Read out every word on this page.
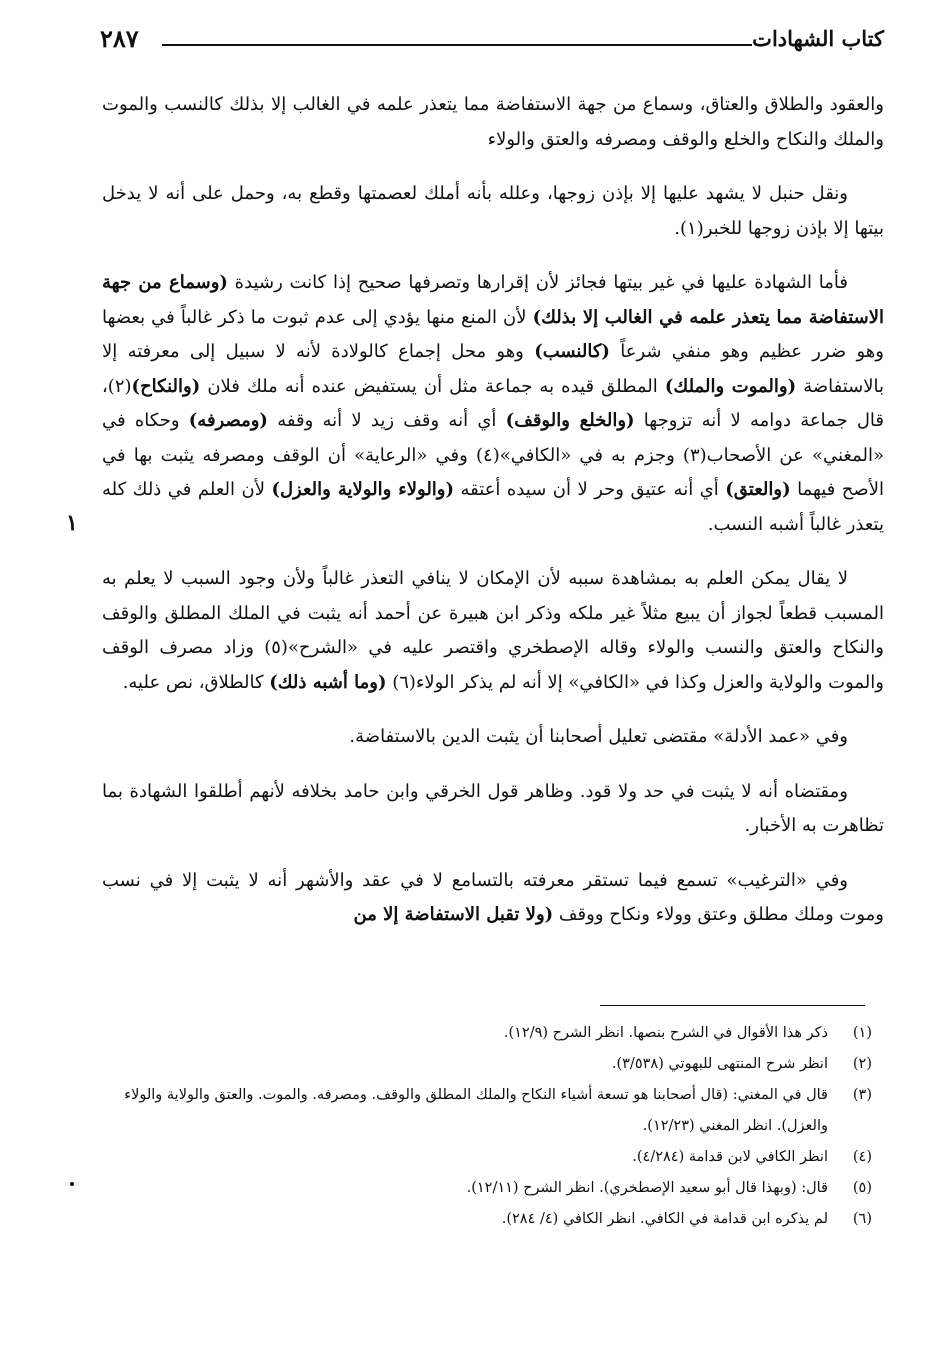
كتاب الشهادات
٢٨٧
١

والعقود والطلاق والعتاق، وسماع من جهة الاستفاضة مما يتعذر علمه في الغالب إلا بذلك كالنسب والموت والملك والنكاح والخلع والوقف ومصرفه والعتق والولاء

ونقل حنبل لا يشهد عليها إلا بإذن زوجها، وعلله بأنه أملك لعصمتها وقطع به، وحمل على أنه لا يدخل بيتها إلا بإذن زوجها للخبر(١).

فأما الشهادة عليها في غير بيتها فجائز لأن إقرارها وتصرفها صحيح إذا كانت رشيدة (وسماع من جهة الاستفاضة مما يتعذر علمه في الغالب إلا بذلك) لأن المنع منها يؤدي إلى عدم ثبوت ما ذكر غالباً في بعضها وهو ضرر عظيم وهو منفي شرعاً (كالنسب) وهو محل إجماع كالولادة لأنه لا سبيل إلى معرفته إلا بالاستفاضة (والموت والملك) المطلق قيده به جماعة مثل أن يستفيض عنده أنه ملك فلان (والنكاح)(٢)، قال جماعة دوامه لا أنه تزوجها (والخلع والوقف) أي أنه وقف زيد لا أنه وقفه (ومصرفه) وحكاه في «المغني» عن الأصحاب(٣) وجزم به في «الكافي»(٤) وفي «الرعاية» أن الوقف ومصرفه يثبت بها في الأصح فيهما (والعتق) أي أنه عتيق وحر لا أن سيده أعتقه (والولاء والولاية والعزل) لأن العلم في ذلك كله يتعذر غالباً أشبه النسب.

لا يقال يمكن العلم به بمشاهدة سببه لأن الإمكان لا ينافي التعذر غالباً ولأن وجود السبب لا يعلم به المسبب قطعاً لجواز أن يبيع مثلاً غير ملكه وذكر ابن هبيرة عن أحمد أنه يثبت في الملك المطلق والوقف والنكاح والعتق والنسب والولاء وقاله الإصطخري واقتصر عليه في «الشرح»(٥) وزاد مصرف الوقف والموت والولاية والعزل وكذا في «الكافي» إلا أنه لم يذكر الولاء(٦) (وما أشبه ذلك) كالطلاق، نص عليه.

وفي «عمد الأدلة» مقتضى تعليل أصحابنا أن يثبت الدين بالاستفاضة.

ومقتضاه أنه لا يثبت في حد ولا قود. وظاهر قول الخرقي وابن حامد بخلافه لأنهم أطلقوا الشهادة بما تظاهرت به الأخبار.

وفي «الترغيب» تسمع فيما تستقر معرفته بالتسامع لا في عقد والأشهر أنه لا يثبت إلا في نسب وموت وملك مطلق وعتق وولاء ونكاح ووقف (ولا تقبل الاستفاضة إلا من

(١)
ذكر هذا الأقوال في الشرح بنصها. انظر الشرح (١٢/٩).
(٢)
انظر شرح المنتهى للبهوتي (٣/٥٣٨).
(٣)
قال في المغني: (قال أصحابنا هو تسعة أشياء النكاح والملك المطلق والوقف. ومصرفه. والموت. والعتق والولاية والولاء والعزل). انظر المغني (١٢/٢٣).
(٤)
انظر الكافي لابن قدامة (٤/٢٨٤).
(٥)
قال: (وبهذا قال أبو سعيد الإصطخري). انظر الشرح (١٢/١١).
(٦)
لم يذكره ابن قدامة في الكافي. انظر الكافي (٤/ ٢٨٤).
